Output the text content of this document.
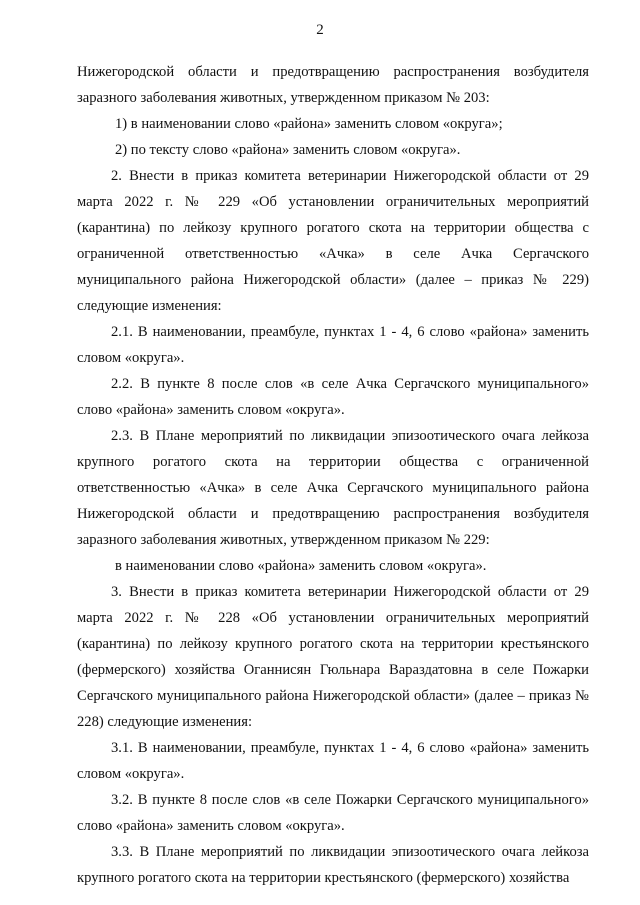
2

Нижегородской области и предотвращению распространения возбудителя заразного заболевания животных, утвержденном приказом № 203:

1) в наименовании слово «района» заменить словом «округа»;

2) по тексту слово «района» заменить словом «округа».

2. Внести в приказ комитета ветеринарии Нижегородской области от 29 марта 2022 г. № 229 «Об установлении ограничительных мероприятий (карантина) по лейкозу крупного рогатого скота на территории общества с ограниченной ответственностью «Ачка» в селе Ачка Сергачского муниципального района Нижегородской области» (далее – приказ № 229) следующие изменения:

2.1. В наименовании, преамбуле, пунктах 1 - 4, 6 слово «района» заменить словом «округа».

2.2. В пункте 8 после слов «в селе Ачка Сергачского муниципального» слово «района» заменить словом «округа».

2.3. В Плане мероприятий по ликвидации эпизоотического очага лейкоза крупного рогатого скота на территории общества с ограниченной ответственностью «Ачка» в селе Ачка Сергачского муниципального района Нижегородской области и предотвращению распространения возбудителя заразного заболевания животных, утвержденном приказом № 229:

в наименовании слово «района» заменить словом «округа».

3. Внести в приказ комитета ветеринарии Нижегородской области от 29 марта 2022 г. № 228 «Об установлении ограничительных мероприятий (карантина) по лейкозу крупного рогатого скота на территории крестьянского (фермерского) хозяйства Оганнисян Гюльнара Вараздатовна в селе Пожарки Сергачского муниципального района Нижегородской области» (далее – приказ № 228) следующие изменения:

3.1. В наименовании, преамбуле, пунктах 1 - 4, 6 слово «района» заменить словом «округа».

3.2. В пункте 8 после слов «в селе Пожарки Сергачского муниципального» слово «района» заменить словом «округа».

3.3. В Плане мероприятий по ликвидации эпизоотического очага лейкоза крупного рогатого скота на территории крестьянского (фермерского) хозяйства
